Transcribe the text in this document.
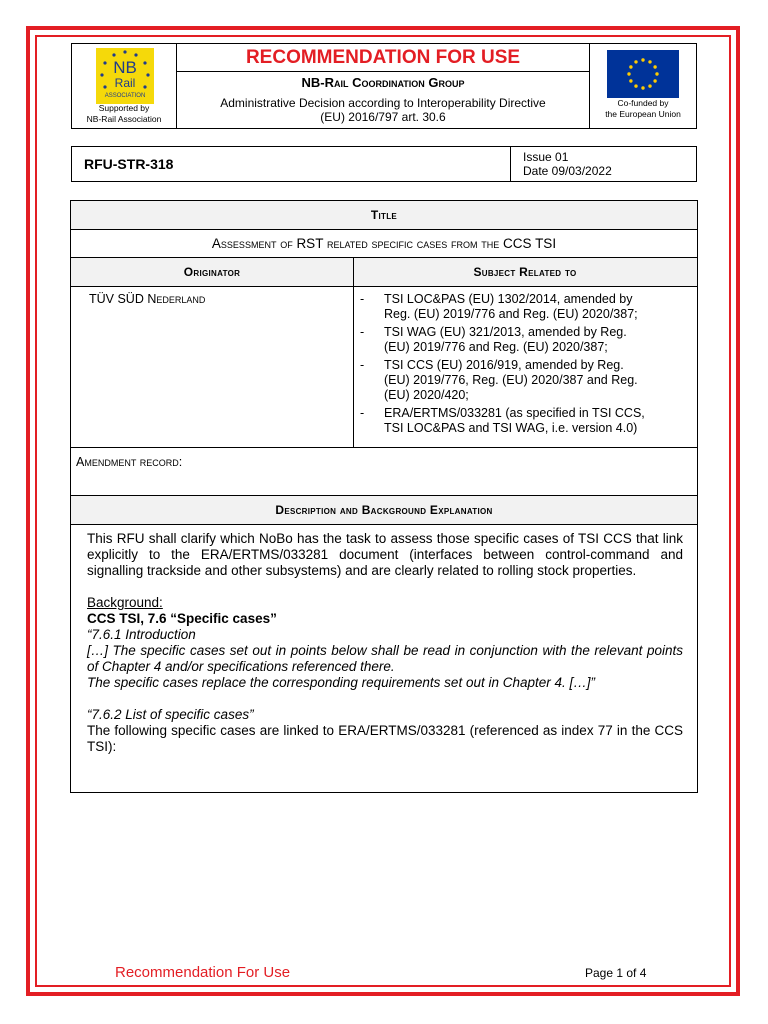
NB
Rail
ASSOCIATION
Supported by
NB-Rail Association
RECOMMENDATION FOR USE
NB-Rail Coordination Group
Administrative Decision according to Interoperability Directive
(EU) 2016/797 art. 30.6
Co-funded by
the European Union
RFU-STR-318	Issue 01
Date 09/03/2022
Title
Assessment of RST related specific cases from the CCS TSI
Originator	Subject Related to
TÜV SÜD Nederland	- TSI LOC&PAS (EU) 1302/2014, amended by
Reg. (EU) 2019/776 and Reg. (EU) 2020/387;
- TSI WAG (EU) 321/2013, amended by Reg.
(EU) 2019/776 and Reg. (EU) 2020/387;
- TSI CCS (EU) 2016/919, amended by Reg.
(EU) 2019/776, Reg. (EU) 2020/387 and Reg.
(EU) 2020/420;
- ERA/ERTMS/033281 (as specified in TSI CCS,
TSI LOC&PAS and TSI WAG, i.e. version 4.0)
Amendment record:
Description and Background Explanation

This RFU shall clarify which NoBo has the task to assess those specific cases of TSI CCS that link explicitly to the ERA/ERTMS/033281 document (interfaces between control-command and signalling trackside and other subsystems) and are clearly related to rolling stock properties.

Background:

CCS TSI, 7.6 “Specific cases”

“7.6.1 Introduction

[…] The specific cases set out in points below shall be read in conjunction with the relevant points of Chapter 4 and/or specifications referenced there.

The specific cases replace the corresponding requirements set out in Chapter 4. […]”

“7.6.2 List of specific cases”

The following specific cases are linked to ERA/ERTMS/033281 (referenced as index 77 in the CCS TSI):

Recommendation For Use	Page 1 of 4
